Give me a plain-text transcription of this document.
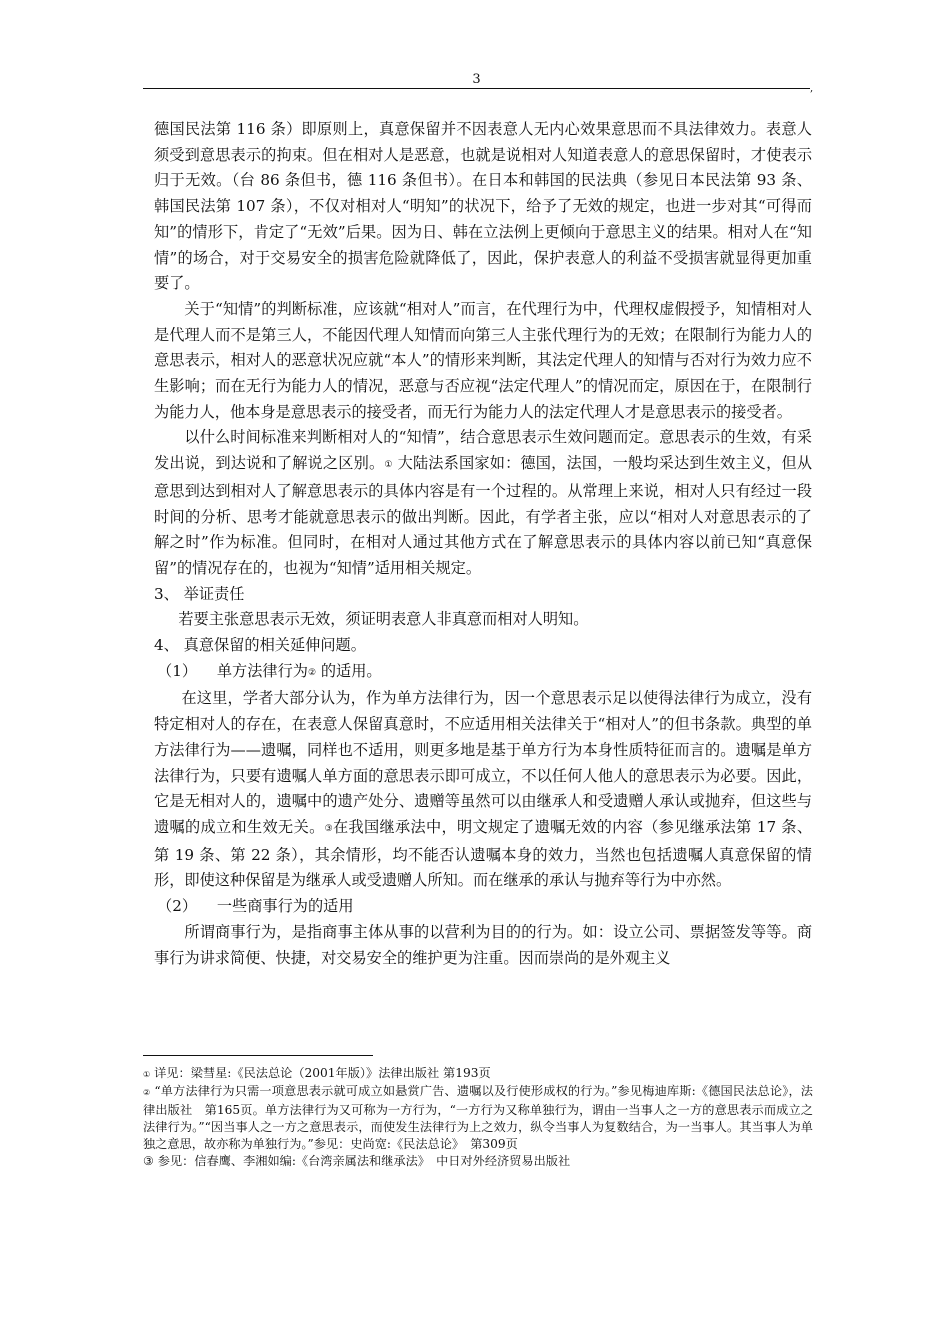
3
,

德国民法第 116 条）即原则上，真意保留并不因表意人无内心效果意思而不具法律效力。表意人须受到意思表示的拘束。但在相对人是恶意，也就是说相对人知道表意人的意思保留时，才使表示归于无效。（台 86 条但书，德 116 条但书）。在日本和韩国的民法典（参见日本民法第 93 条、韩国民法第 107 条），不仅对相对人“明知”的状况下，给予了无效的规定，也进一步对其“可得而知”的情形下，肯定了“无效”后果。因为日、韩在立法例上更倾向于意思主义的结果。相对人在“知情”的场合，对于交易安全的损害危险就降低了，因此，保护表意人的利益不受损害就显得更加重要了。

关于“知情”的判断标准，应该就“相对人”而言，在代理行为中，代理权虚假授予，知情相对人是代理人而不是第三人，不能因代理人知情而向第三人主张代理行为的无效；在限制行为能力人的意思表示，相对人的恶意状况应就“本人”的情形来判断，其法定代理人的知情与否对行为效力应不生影响；而在无行为能力人的情况，恶意与否应视“法定代理人”的情况而定，原因在于，在限制行为能力人，他本身是意思表示的接受者，而无行为能力人的法定代理人才是意思表示的接受者。

以什么时间标准来判断相对人的“知情”，结合意思表示生效问题而定。意思表示的生效，有采发出说，到达说和了解说之区别。① 大陆法系国家如：德国，法国，一般均采达到生效主义，但从意思到达到相对人了解意思表示的具体内容是有一个过程的。从常理上来说，相对人只有经过一段时间的分析、思考才能就意思表示的做出判断。因此，有学者主张，应以“相对人对意思表示的了解之时”作为标准。但同时，在相对人通过其他方式在了解意思表示的具体内容以前已知“真意保留”的情况存在的，也视为“知情”适用相关规定。

3、 举证责任

若要主张意思表示无效，须证明表意人非真意而相对人明知。

4、 真意保留的相关延伸问题。

（1） 单方法律行为② 的适用。

在这里，学者大部分认为，作为单方法律行为，因一个意思表示足以使得法律行为成立，没有特定相对人的存在，在表意人保留真意时，不应适用相关法律关于“相对人”的但书条款。典型的单方法律行为——遗嘱，同样也不适用，则更多地是基于单方行为本身性质特征而言的。遗嘱是单方法律行为，只要有遗嘱人单方面的意思表示即可成立，不以任何人他人的意思表示为必要。因此，它是无相对人的，遗嘱中的遗产处分、遗赠等虽然可以由继承人和受遗赠人承认或抛弃，但这些与遗嘱的成立和生效无关。③在我国继承法中，明文规定了遗嘱无效的内容（参见继承法第 17 条、第 19 条、第 22 条），其余情形，均不能否认遗嘱本身的效力，当然也包括遗嘱人真意保留的情形，即使这种保留是为继承人或受遗赠人所知。而在继承的承认与抛弃等行为中亦然。

（2） 一些商事行为的适用

所谓商事行为，是指商事主体从事的以营利为目的的行为。如：设立公司、票据签发等等。商事行为讲求简便、快捷，对交易安全的维护更为注重。因而崇尚的是外观主义

① 详见：梁彗星:《民法总论（2001年版）》法律出版社 第193页

② “单方法律行为只需一项意思表示就可成立如悬赏广告、遗嘱以及行使形成权的行为。”参见梅迪库斯:《德国民法总论》，法律出版社　第165页。单方法律行为又可称为一方行为，“一方行为又称单独行为，谓由一当事人之一方的意思表示而成立之法律行为。”“因当事人之一方之意思表示，而使发生法律行为上之效力，纵令当事人为复数结合，为一当事人。其当事人为单独之意思，故亦称为单独行为。”参见：史尚宽:《民法总论》　第309页

③ 参见：信春鹰、李湘如编:《台湾亲属法和继承法》　中日对外经济贸易出版社
